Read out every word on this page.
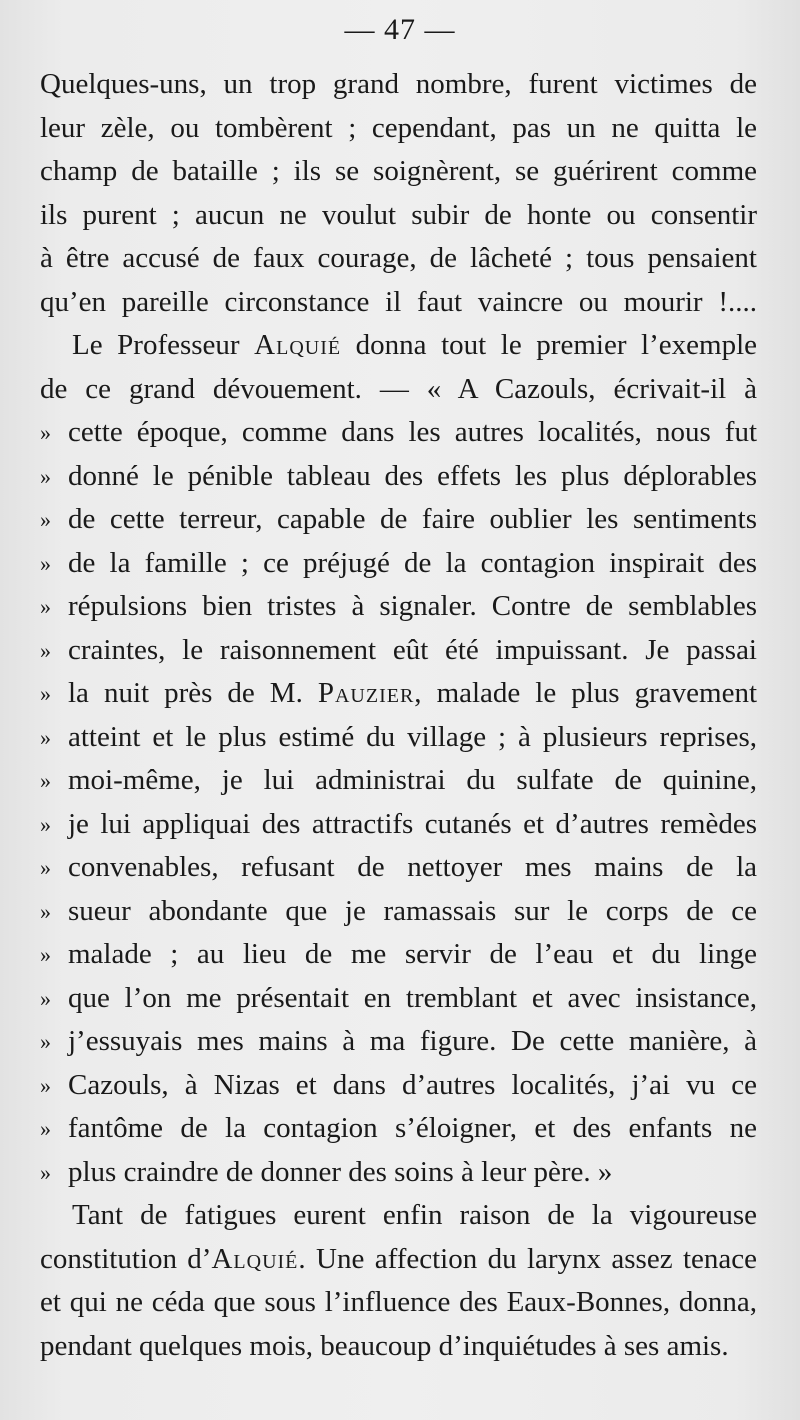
— 47 —
Quelques-uns, un trop grand nombre, furent victimes de
leur zèle, ou tombèrent ; cependant, pas un ne quitta le
champ de bataille ; ils se soignèrent, se guérirent comme
ils purent ; aucun ne voulut subir de honte ou consentir
à être accusé de faux courage, de lâcheté ; tous pensaient
qu’en pareille circonstance il faut vaincre ou mourir !....
Le Professeur Alquié donna tout le premier l’exemple
de ce grand dévouement. — « A Cazouls, écrivait-il à
» cette époque, comme dans les autres localités, nous fut
» donné le pénible tableau des effets les plus déplorables
» de cette terreur, capable de faire oublier les sentiments
» de la famille ; ce préjugé de la contagion inspirait des
» répulsions bien tristes à signaler. Contre de semblables
» craintes, le raisonnement eût été impuissant. Je passai
» la nuit près de M. Pauzier, malade le plus gravement
» atteint et le plus estimé du village ; à plusieurs reprises,
» moi-même, je lui administrai du sulfate de quinine,
» je lui appliquai des attractifs cutanés et d’autres remèdes
» convenables, refusant de nettoyer mes mains de la
» sueur abondante que je ramassais sur le corps de ce
» malade ; au lieu de me servir de l’eau et du linge
» que l’on me présentait en tremblant et avec insistance,
» j’essuyais mes mains à ma figure. De cette manière, à
» Cazouls, à Nizas et dans d’autres localités, j’ai vu ce
» fantôme de la contagion s’éloigner, et des enfants ne
» plus craindre de donner des soins à leur père. »
Tant de fatigues eurent enfin raison de la vigoureuse
constitution d’Alquié. Une affection du larynx assez tenace
et qui ne céda que sous l’influence des Eaux-Bonnes, donna,
pendant quelques mois, beaucoup d’inquiétudes à ses amis.
